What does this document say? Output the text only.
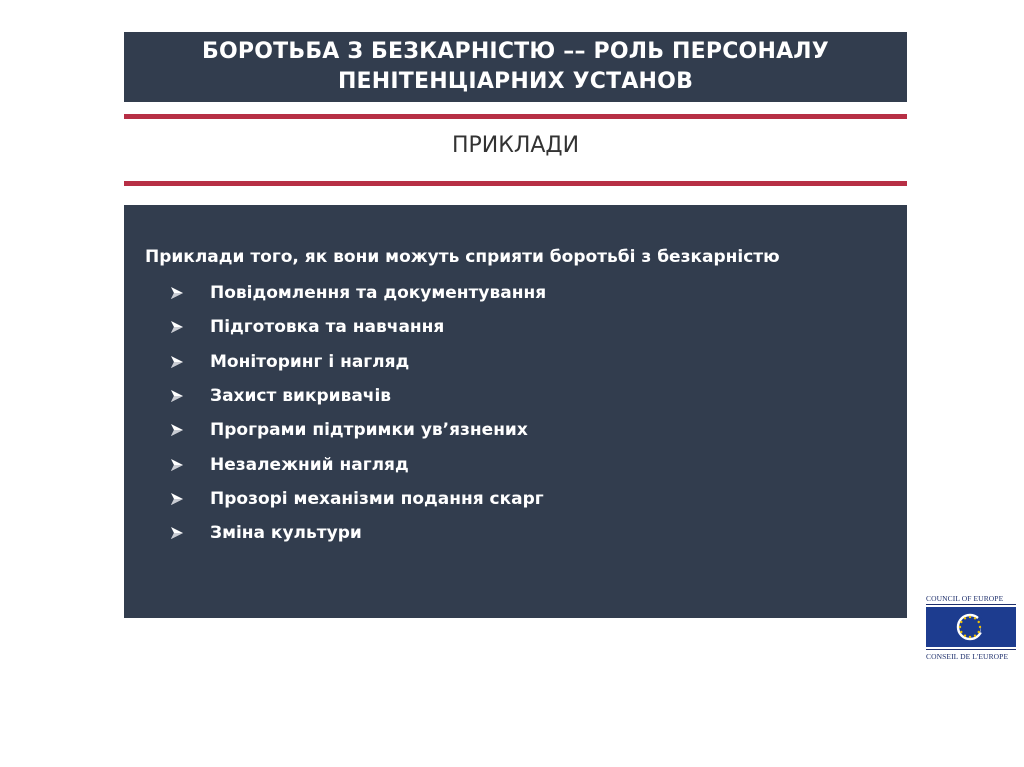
БОРОТЬБА З БЕЗКАРНІСТЮ –– РОЛЬ ПЕРСОНАЛУ
ПЕНІТЕНЦІАРНИХ УСТАНОВ
ПРИКЛАДИ
Приклади того, як вони можуть сприяти боротьбі з безкарністю
Повідомлення та документування
Підготовка та навчання
Моніторинг і нагляд
Захист викривачів
Програми підтримки ув’язнених
Незалежний нагляд
Прозорі механізми подання скарг
Зміна культури
COUNCIL OF EUROPE
CONSEIL DE L'EUROPE
